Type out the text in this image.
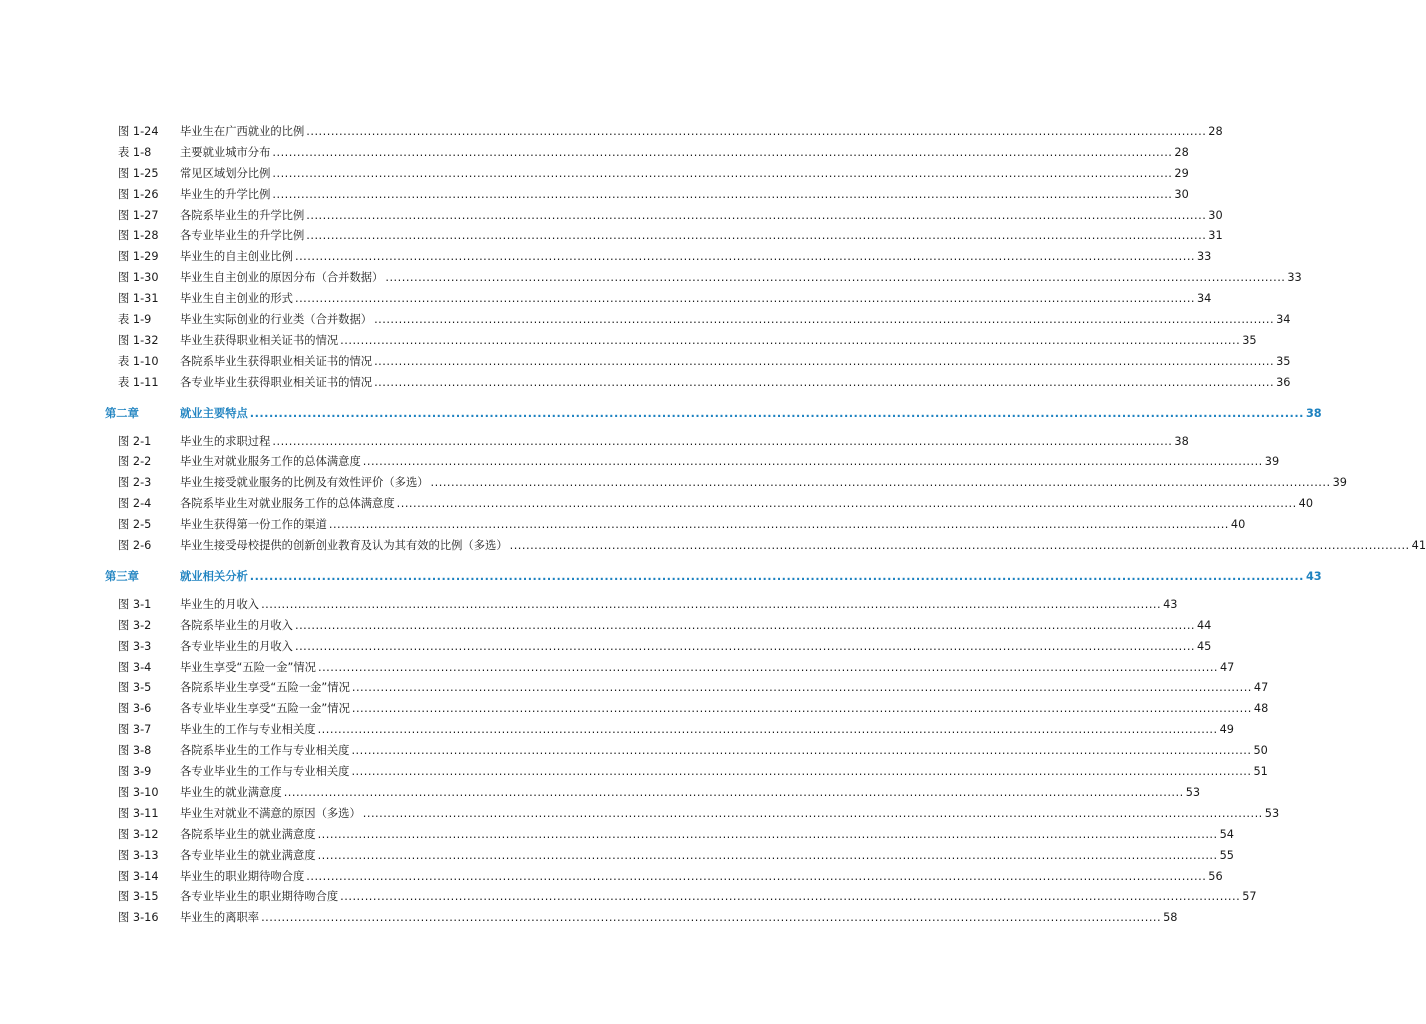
图 1-24 毕业生在广西就业的比例 ............................................................................................................................................................................................................................ 28
表 1-8	主要就业城市分布 ............................................................................................................................................................................................................................ 28
图 1-25 常见区域划分比例 ............................................................................................................................................................................................................................ 29
图 1-26 毕业生的升学比例 ............................................................................................................................................................................................................................ 30
图 1-27 各院系毕业生的升学比例 ............................................................................................................................................................................................................................ 30
图 1-28 各专业毕业生的升学比例 ............................................................................................................................................................................................................................ 31
图 1-29 毕业生的自主创业比例 ............................................................................................................................................................................................................................ 33
图 1-30 毕业生自主创业的原因分布（合并数据） ............................................................................................................................................................................................................................ 33
图 1-31 毕业生自主创业的形式 ............................................................................................................................................................................................................................ 34
表 1-9	毕业生实际创业的行业类（合并数据） ............................................................................................................................................................................................................................ 34
图 1-32 毕业生获得职业相关证书的情况 ............................................................................................................................................................................................................................ 35
表 1-10 各院系毕业生获得职业相关证书的情况 ............................................................................................................................................................................................................................ 35
表 1-11 各专业毕业生获得职业相关证书的情况 ............................................................................................................................................................................................................................ 36
第二章	就业主要特点 ............................................................................................................................................................................................................................ 38
图 2-1	毕业生的求职过程 ............................................................................................................................................................................................................................ 38
图 2-2	毕业生对就业服务工作的总体满意度 ............................................................................................................................................................................................................................ 39
图 2-3	毕业生接受就业服务的比例及有效性评价（多选） ............................................................................................................................................................................................................................ 39
图 2-4	各院系毕业生对就业服务工作的总体满意度 ............................................................................................................................................................................................................................ 40
图 2-5	毕业生获得第一份工作的渠道 ............................................................................................................................................................................................................................ 40
图 2-6	毕业生接受母校提供的创新创业教育及认为其有效的比例（多选） ............................................................................................................................................................................................................................ 41
第三章	就业相关分析 ............................................................................................................................................................................................................................ 43
图 3-1	毕业生的月收入 ............................................................................................................................................................................................................................ 43
图 3-2	各院系毕业生的月收入 ............................................................................................................................................................................................................................ 44
图 3-3	各专业毕业生的月收入 ............................................................................................................................................................................................................................ 45
图 3-4	毕业生享受“五险一金”情况 ............................................................................................................................................................................................................................ 47
图 3-5	各院系毕业生享受“五险一金”情况 ............................................................................................................................................................................................................................ 47
图 3-6	各专业毕业生享受“五险一金”情况 ............................................................................................................................................................................................................................ 48
图 3-7	毕业生的工作与专业相关度 ............................................................................................................................................................................................................................ 49
图 3-8	各院系毕业生的工作与专业相关度 ............................................................................................................................................................................................................................ 50
图 3-9	各专业毕业生的工作与专业相关度 ............................................................................................................................................................................................................................ 51
图 3-10 毕业生的就业满意度 ............................................................................................................................................................................................................................ 53
图 3-11 毕业生对就业不满意的原因（多选） ............................................................................................................................................................................................................................ 53
图 3-12 各院系毕业生的就业满意度 ............................................................................................................................................................................................................................ 54
图 3-13 各专业毕业生的就业满意度 ............................................................................................................................................................................................................................ 55
图 3-14 毕业生的职业期待吻合度 ............................................................................................................................................................................................................................ 56
图 3-15 各专业毕业生的职业期待吻合度 ............................................................................................................................................................................................................................ 57
图 3-16 毕业生的离职率 ............................................................................................................................................................................................................................ 58
